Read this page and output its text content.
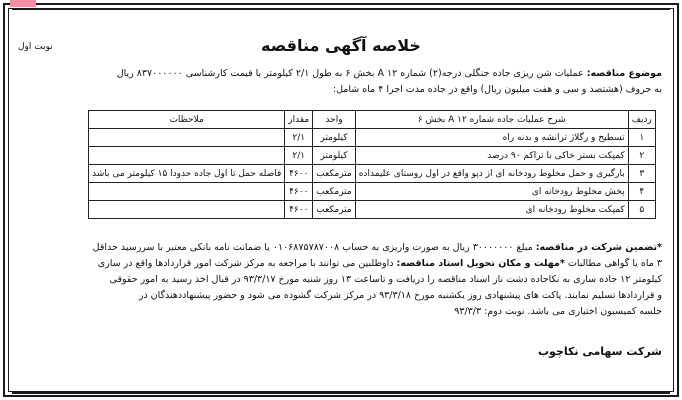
خلاصه آگهی مناقصه
نوبت اول
موضوع مناقصه: عملیات شن ریزی جاده جنگلی درجه(۲) شماره A ۱۲ بخش ۶ به طول ۲/۱ کیلومتر با قیمت کارشناسی ۸۳۷۰۰۰۰۰۰ ریال
به حروف (هشتصد و سی و هفت میلیون ریال) واقع در جاده مدت اجرا ۴ ماه شامل:
ردیف	شرح عملیات جاده شماره A ۱۲ بخش ۶	واحد	مقدار	ملاحظات
۱	تسطیح و رگلاژ ترانشه و بدنه راه	کیلومتر	۲/۱	
۲	کمپکت بستر خاکی با تراکم ۹۰ درصد	کیلومتر	۲/۱	
۳	بارگیری و حمل مخلوط رودخانه ای از دپو واقع در اول روستای علیمداده	مترمکعب	۴۶۰۰	فاصله حمل تا اول جاده حدودا ۱۵ کیلومتر می باشد
۴	پخش مخلوط رودخانه ای	مترمکعب	۴۶۰۰	
۵	کمپکت مخلوط رودخانه ای	مترمکعب	۴۶۰۰	
*تضمین شرکت در مناقصه: مبلغ ۳۰۰۰۰۰۰۰ ریال به صورت واریزی به حساب ۰۱۰۶۸۷۵۷۸۷۰۰۸ یا ضمانت نامه بانکی معتبر با سررسید حداقل
۳ ماه یا گواهی مطالبات *مهلت و مکان تحویل اسناد مناقصه: داوطلبین می توانند با مراجعه به مرکز شرکت امور قراردادها واقع در ساری
کیلومتر ۱۲ جاده ساری به نکاجاده دشت ناز اسناد مناقصه را دریافت و تاساعت ۱۳ روز شنبه مورخ ۹۳/۳/۱۷ در قبال اخذ رسید به امور حقوقی
و قراردادها تسلیم نمایند. پاکت های پیشنهادی روز یکشنبه مورخ ۹۳/۳/۱۸ در مرکز شرکت گشوده می شود و حضور پیشنهاددهندگان در
جلسه کمیسیون اختیاری می باشد. نوبت دوم: ۹۳/۳/۳
شرکت سهامی نکاچوب
